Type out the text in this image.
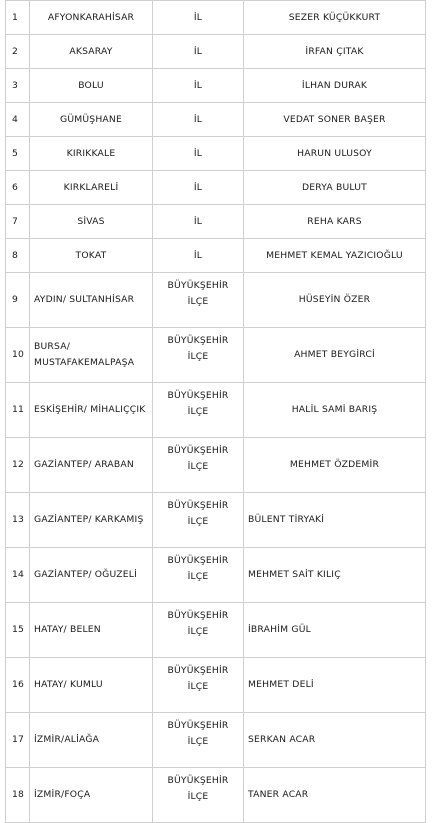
1	AFYONKARAHİSAR	İL	SEZER KÜÇÜKKURT
2	AKSARAY	İL	İRFAN ÇITAK
3	BOLU	İL	İLHAN DURAK
4	GÜMÜŞHANE	İL	VEDAT SONER BAŞER
5	KIRIKKALE	İL	HARUN ULUSOY
6	KIRKLARELİ	İL	DERYA BULUT
7	SİVAS	İL	REHA KARS
8	TOKAT	İL	MEHMET KEMAL YAZICIOĞLU
9	AYDIN/ SULTANHİSAR	BÜYÜKŞEHİR İLÇE	HÜSEYİN ÖZER
10	BURSA/ MUSTAFAKEMALPAŞA	BÜYÜKŞEHİR İLÇE	AHMET BEYGİRCİ
11	ESKİŞEHİR/ MİHALIÇÇIK	BÜYÜKŞEHİR İLÇE	HALİL SAMİ BARIŞ
12	GAZİANTEP/ ARABAN	BÜYÜKŞEHİR İLÇE	MEHMET ÖZDEMİR
13	GAZİANTEP/ KARKAMIŞ	BÜYÜKŞEHİR İLÇE	BÜLENT TİRYAKİ
14	GAZİANTEP/ OĞUZELİ	BÜYÜKŞEHİR İLÇE	MEHMET SAİT KILIÇ
15	HATAY/ BELEN	BÜYÜKŞEHİR İLÇE	İBRAHİM GÜL
16	HATAY/ KUMLU	BÜYÜKŞEHİR İLÇE	MEHMET DELİ
17	İZMİR/ALİAĞA	BÜYÜKŞEHİR İLÇE	SERKAN ACAR
18	İZMİR/FOÇA	BÜYÜKŞEHİR İLÇE	TANER ACAR
